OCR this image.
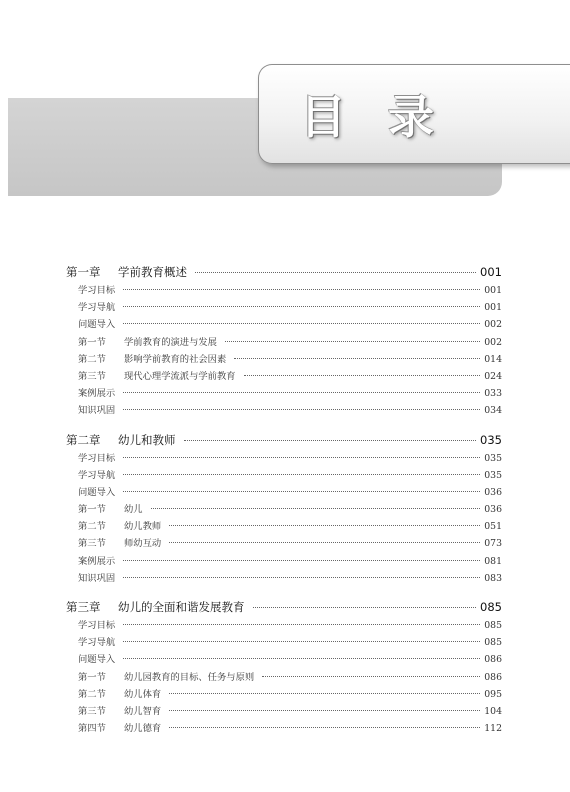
目 录
第一章	学前教育概述	001
学习目标	001
学习导航	001
问题导入	002
第一节	学前教育的演进与发展	002
第二节	影响学前教育的社会因素	014
第三节	现代心理学流派与学前教育	024
案例展示	033
知识巩固	034
第二章	幼儿和教师	035
学习目标	035
学习导航	035
问题导入	036
第一节	幼儿	036
第二节	幼儿教师	051
第三节	师幼互动	073
案例展示	081
知识巩固	083
第三章	幼儿的全面和谐发展教育	085
学习目标	085
学习导航	085
问题导入	086
第一节	幼儿园教育的目标、任务与原则	086
第二节	幼儿体育	095
第三节	幼儿智育	104
第四节	幼儿德育	112
